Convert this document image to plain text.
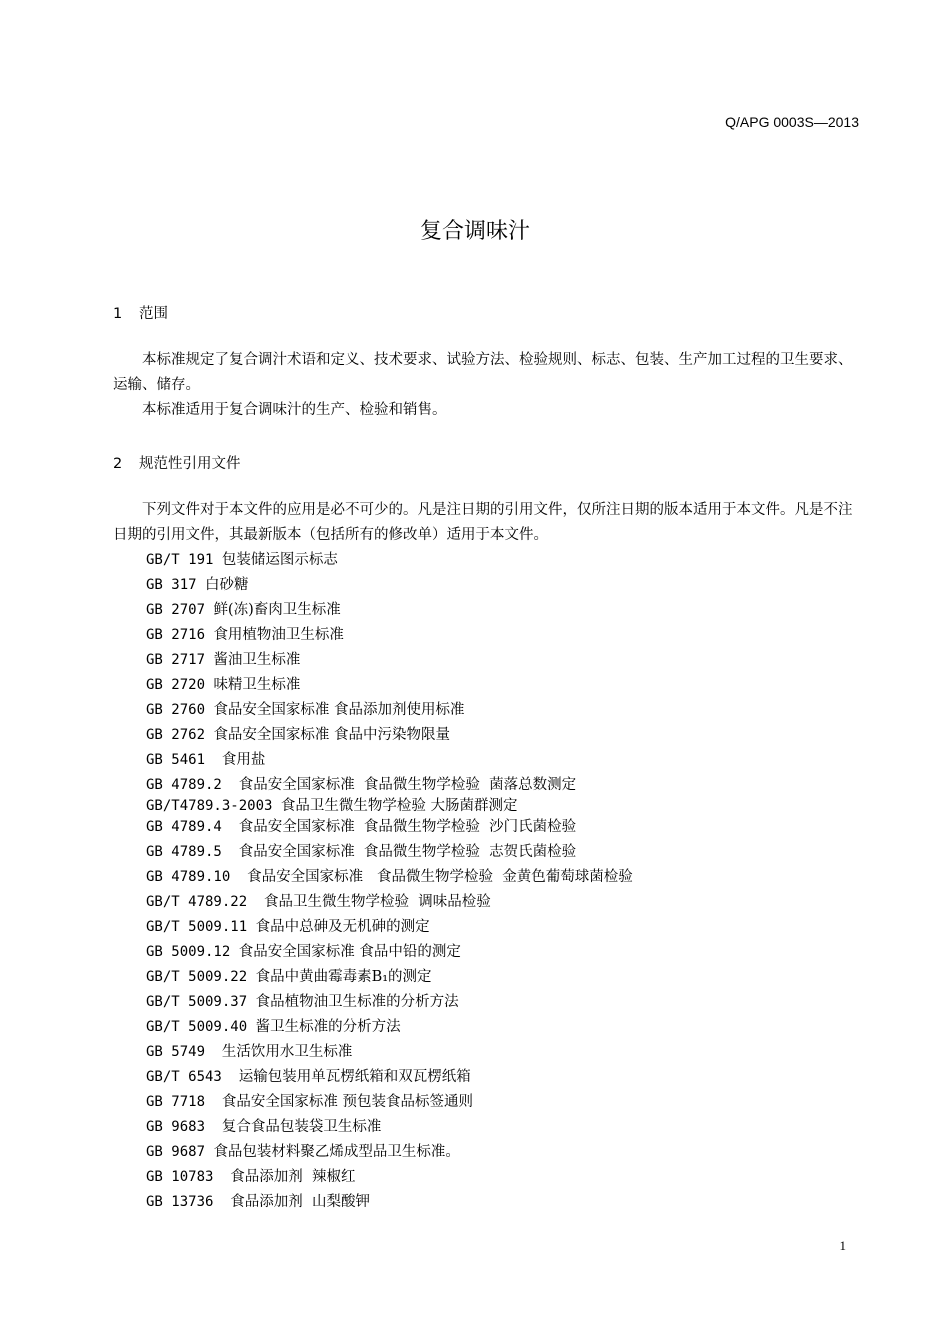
Q/APG 0003S—2013
复合调味汁
1 范围
本标准规定了复合调汁术语和定义、技术要求、试验方法、检验规则、标志、包装、生产加工过程的卫生要求、运输、储存。
本标准适用于复合调味汁的生产、检验和销售。
2 规范性引用文件
下列文件对于本文件的应用是必不可少的。凡是注日期的引用文件，仅所注日期的版本适用于本文件。凡是不注日期的引用文件，其最新版本（包括所有的修改单）适用于本文件。
GB/T 191 包装储运图示标志
GB 317 白砂糖
GB 2707 鲜(冻)畜肉卫生标准
GB 2716 食用植物油卫生标准
GB 2717 酱油卫生标准
GB 2720 味精卫生标准
GB 2760 食品安全国家标准 食品添加剂使用标准
GB 2762 食品安全国家标准 食品中污染物限量
GB 5461  食用盐
GB 4789.2  食品安全国家标准  食品微生物学检验  菌落总数测定
GB/T4789.3-2003 食品卫生微生物学检验 大肠菌群测定
GB 4789.4  食品安全国家标准  食品微生物学检验  沙门氏菌检验
GB 4789.5  食品安全国家标准  食品微生物学检验  志贺氏菌检验
GB 4789.10  食品安全国家标准   食品微生物学检验  金黄色葡萄球菌检验
GB/T 4789.22  食品卫生微生物学检验  调味品检验
GB/T 5009.11 食品中总砷及无机砷的测定
GB 5009.12 食品安全国家标准 食品中铅的测定
GB/T 5009.22 食品中黄曲霉毒素B₁的测定
GB/T 5009.37 食品植物油卫生标准的分析方法
GB/T 5009.40 酱卫生标准的分析方法
GB 5749  生活饮用水卫生标准
GB/T 6543  运输包装用单瓦楞纸箱和双瓦楞纸箱
GB 7718  食品安全国家标准 预包装食品标签通则
GB 9683  复合食品包装袋卫生标准
GB 9687 食品包装材料聚乙烯成型品卫生标准。
GB 10783  食品添加剂  辣椒红
GB 13736  食品添加剂  山梨酸钾
1
